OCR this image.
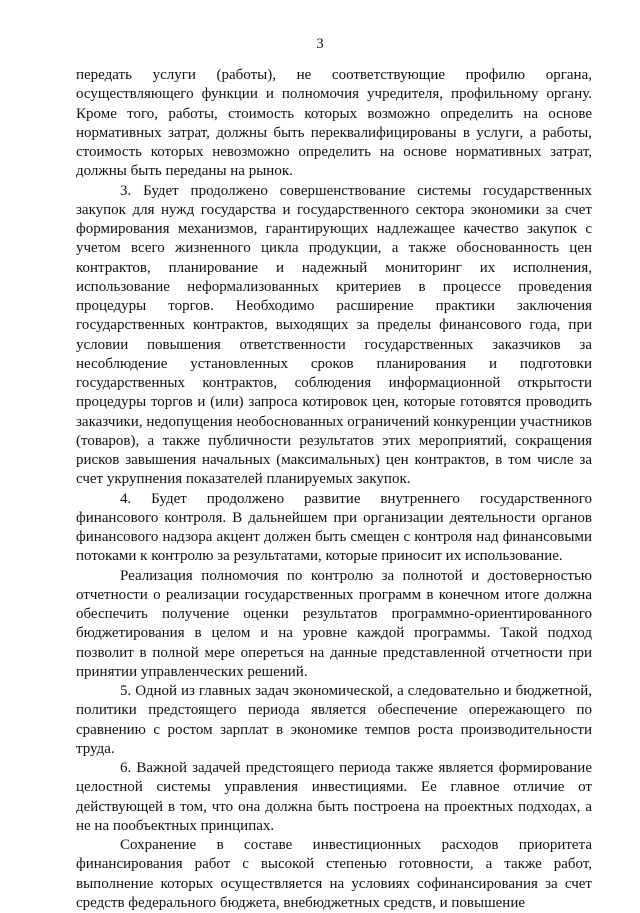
3

передать услуги (работы), не соответствующие профилю органа, осуществляющего функции и полномочия учредителя, профильному органу. Кроме того, работы, стоимость которых возможно определить на основе нормативных затрат, должны быть переквалифицированы в услуги, а работы, стоимость которых невозможно определить на основе нормативных затрат, должны быть переданы на рынок.

3. Будет продолжено совершенствование системы государственных закупок для нужд государства и государственного сектора экономики за счет формирования механизмов, гарантирующих надлежащее качество закупок с учетом всего жизненного цикла продукции, а также обоснованность цен контрактов, планирование и надежный мониторинг их исполнения, использование неформализованных критериев в процессе проведения процедуры торгов. Необходимо расширение практики заключения государственных контрактов, выходящих за пределы финансового года, при условии повышения ответственности государственных заказчиков за несоблюдение установленных сроков планирования и подготовки государственных контрактов, соблюдения информационной открытости процедуры торгов и (или) запроса котировок цен, которые готовятся проводить заказчики, недопущения необоснованных ограничений конкуренции участников (товаров), а также публичности результатов этих мероприятий, сокращения рисков завышения начальных (максимальных) цен контрактов, в том числе за счет укрупнения показателей планируемых закупок.

4. Будет продолжено развитие внутреннего государственного финансового контроля. В дальнейшем при организации деятельности органов финансового надзора акцент должен быть смещен с контроля над финансовыми потоками к контролю за результатами, которые приносит их использование.

Реализация полномочия по контролю за полнотой и достоверностью отчетности о реализации государственных программ в конечном итоге должна обеспечить получение оценки результатов программно-ориентированного бюджетирования в целом и на уровне каждой программы. Такой подход позволит в полной мере опереться на данные представленной отчетности при принятии управленческих решений.

5. Одной из главных задач экономической, а следовательно и бюджетной, политики предстоящего периода является обеспечение опережающего по сравнению с ростом зарплат в экономике темпов роста производительности труда.

6. Важной задачей предстоящего периода также является формирование целостной системы управления инвестициями. Ее главное отличие от действующей в том, что она должна быть построена на проектных подходах, а не на пообъектных принципах.

Сохранение в составе инвестиционных расходов приоритета финансирования работ с высокой степенью готовности, а также работ, выполнение которых осуществляется на условиях софинансирования за счет средств федерального бюджета, внебюджетных средств, и повышение
